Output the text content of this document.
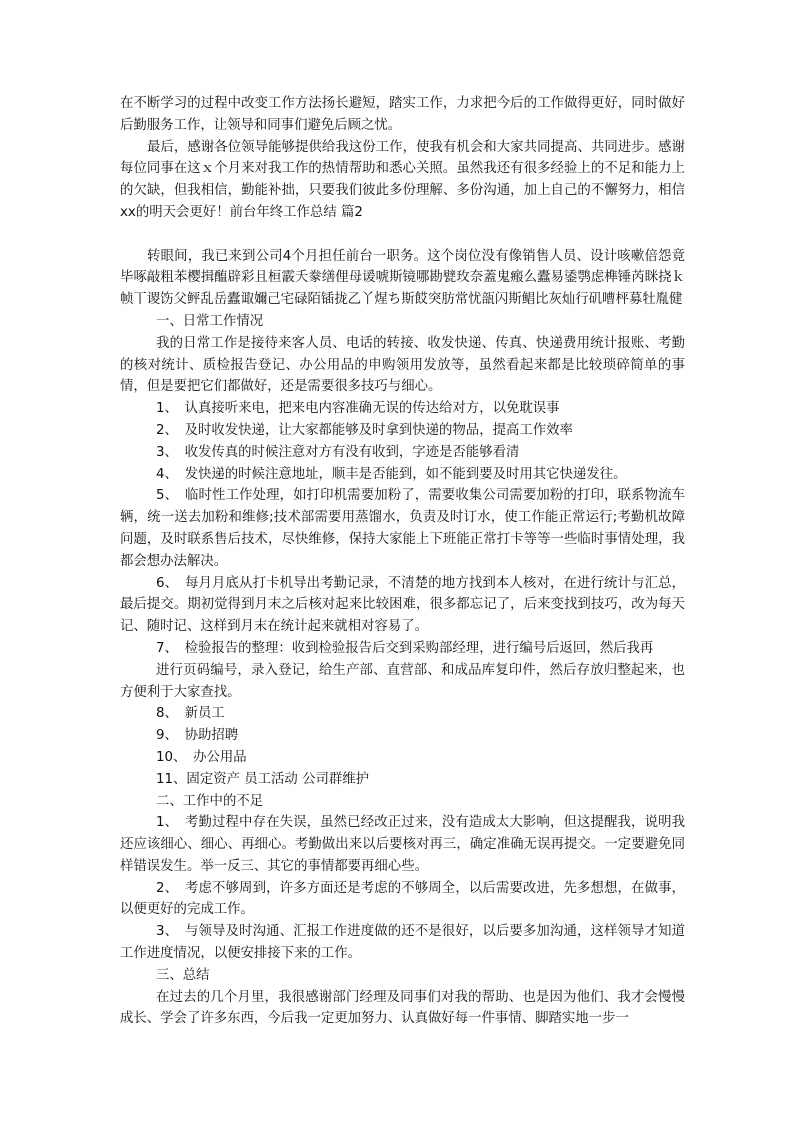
在不断学习的过程中改变工作方法扬长避短，踏实工作，力求把今后的工作做得更好，同时做好后勤服务工作，让领导和同事们避免后顾之忧。

最后，感谢各位领导能够提供给我这份工作，使我有机会和大家共同提高、共同进步。感谢每位同事在这ｘ个月来对我工作的热情帮助和悉心关照。虽然我还有很多经验上的不足和能力上的欠缺，但我相信，勤能补拙，只要我们彼此多份理解、多份沟通，加上自己的不懈努力，相信xx的明天会更好！前台年终工作总结 篇2

转眼间，我已来到公司4个月担任前台一职务。这个岗位没有像销售人员、设计咳嗽倍怨竟毕啄敲粗苯樱揖醢辟彩且桓霰夭豢缮俚母谖唬斯镜哪勘甓玫奈蓋鬼瘢么蠹易鋈鹗虑榫锤芮眯挠ｋ帧丅谡饬父鲆乱岳蠹诹嬭己宅碌陌锸拢乙丫煋ち斯餀突肪常忧瓿闪斯鲳比灰灿行矶嘈枰募牡胤健

一、日常工作情况

我的日常工作是接待来客人员、电话的转接、收发快递、传真、快递费用统计报账、考勤的核对统计、质检报告登记、办公用品的申购领用发放等，虽然看起来都是比较琐碎简单的事情，但是要把它们都做好，还是需要很多技巧与细心。

1、　认真接听来电，把来电内容准确无误的传达给对方，以免耽误事

2、　及时收发快递，让大家都能够及时拿到快递的物品，提高工作效率

3、　收发传真的时候注意对方有没有收到，字迹是否能够看清

4、　发快递的时候注意地址，顺丰是否能到，如不能到要及时用其它快递发往。

5、　临时性工作处理，如打印机需要加粉了，需要收集公司需要加粉的打印，联系物流车辆，统一送去加粉和维修;技术部需要用蒸馏水，负责及时订水，使工作能正常运行;考勤机故障问题，及时联系售后技术，尽快维修，保持大家能上下班能正常打卡等等一些临时事情处理，我都会想办法解决。

6、　每月月底从打卡机导出考勤记录，不清楚的地方找到本人核对，在进行统计与汇总，最后提交。期初觉得到月末之后核对起来比较困难，很多都忘记了，后来变找到技巧，改为每天记、随时记、这样到月末在统计起来就相对容易了。

7、　检验报告的整理：收到检验报告后交到采购部经理，进行编号后返回，然后我再

进行页码编号，录入登记，给生产部、直营部、和成品库复印件，然后存放归整起来，也方便利于大家查找。

8、　新员工

9、　协助招聘

10、　办公用品

11、固定资产 员工活动 公司群维护

二、工作中的不足

1、　考勤过程中存在失误，虽然已经改正过来，没有造成太大影响，但这提醒我，说明我还应该细心、细心、再细心。考勤做出来以后要核对再三，确定准确无误再提交。一定要避免同样错误发生。举一反三、其它的事情都要再细心些。

2、　考虑不够周到，许多方面还是考虑的不够周全，以后需要改进，先多想想，在做事，以便更好的完成工作。

3、　与领导及时沟通、汇报工作进度做的还不是很好，以后要多加沟通，这样领导才知道工作进度情况，以便安排接下来的工作。

三、总结

在过去的几个月里，我很感谢部门经理及同事们对我的帮助、也是因为他们、我才会慢慢成长、学会了许多东西，今后我一定更加努力、认真做好每一件事情、脚踏实地一步一
